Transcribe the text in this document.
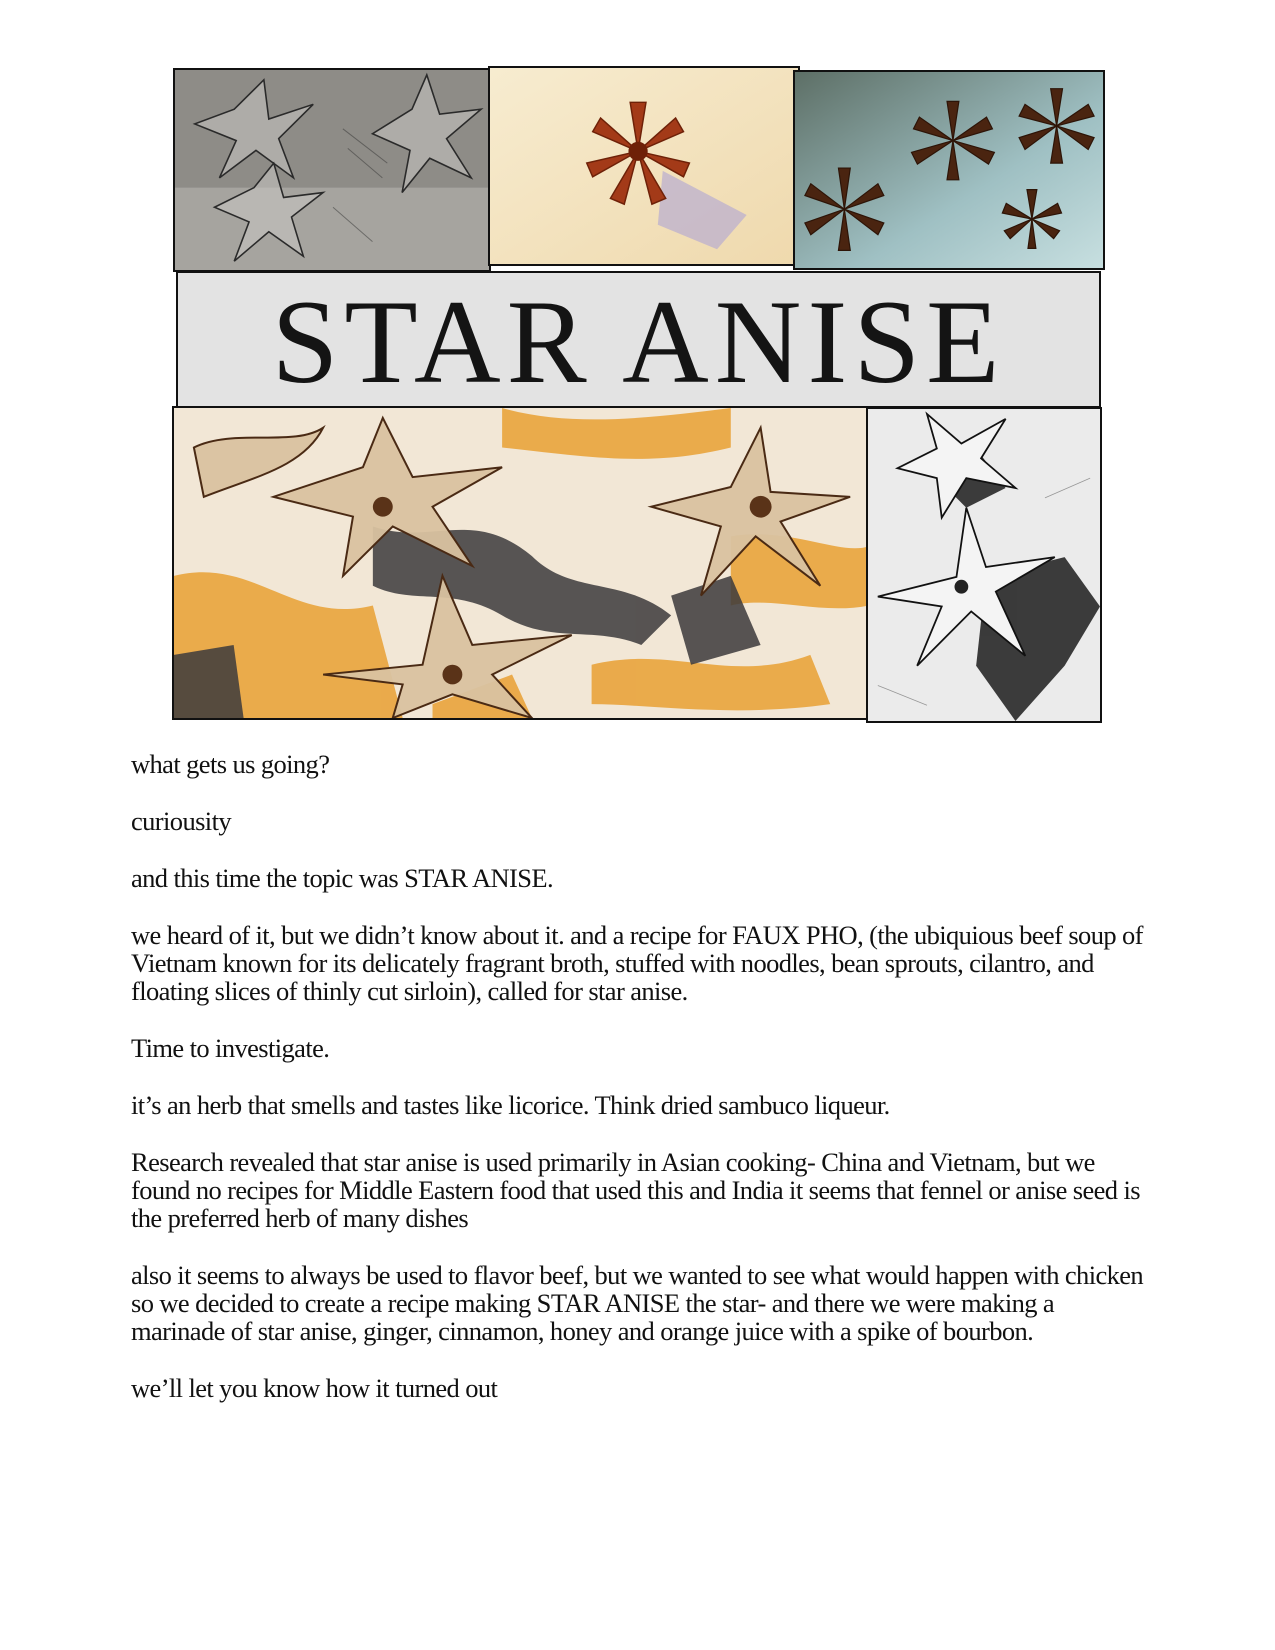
STAR ANISE

what gets us going?

curiousity

and this time the topic was STAR ANISE.

we heard of it, but we didn’t know about it. and a recipe for FAUX PHO, (the ubiquious beef soup of Vietnam known for its delicately fragrant broth, stuffed with noodles, bean sprouts, cilantro, and floating slices of thinly cut sirloin), called for star anise.

Time to investigate.

it’s an herb that smells and tastes like licorice. Think dried sambuco liqueur.

Research revealed that star anise is used primarily in Asian cooking- China and Vietnam, but we found no recipes for Middle Eastern food that used this and India it seems that fennel or anise seed is the preferred herb of many dishes

also it seems to always be used to flavor beef, but we wanted to see what would happen with chicken so we decided to create a recipe making STAR ANISE the star- and there we were making a marinade of star anise, ginger, cinnamon, honey and orange juice with a spike of bourbon.

we’ll let you know how it turned out
